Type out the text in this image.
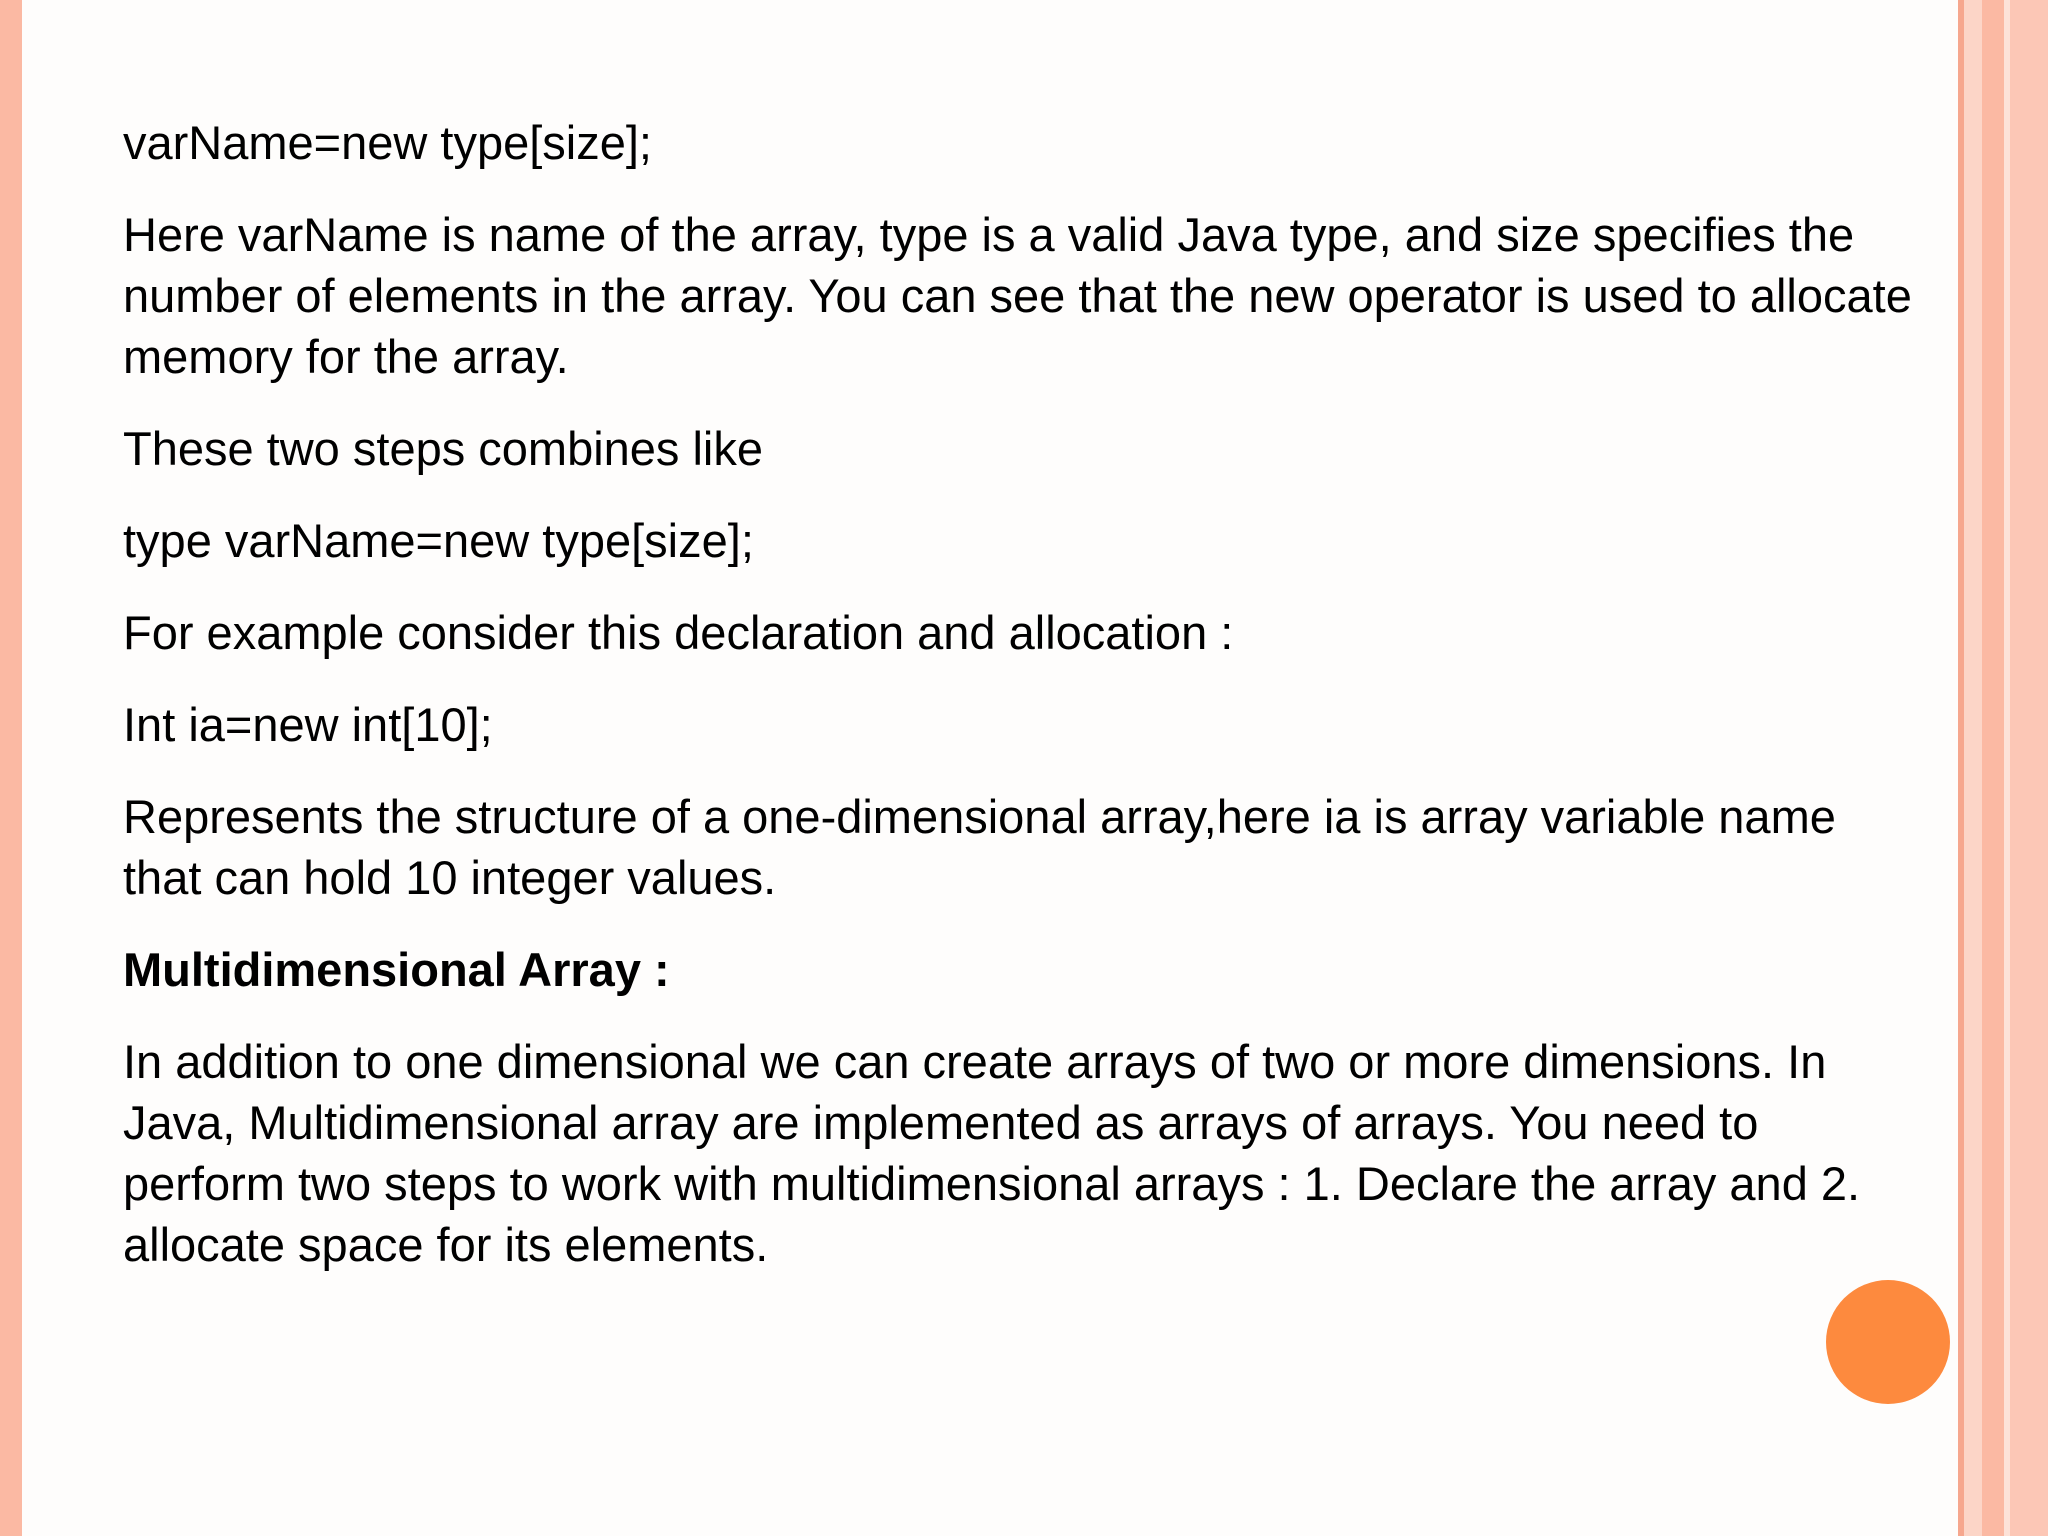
varName=new type[size];

Here varName is name of the array, type is a valid Java type, and size specifies the number of elements in the array. You can see that the new operator is used to allocate memory for the array.

These two steps combines like

type varName=new type[size];

For example consider this declaration and allocation :

Int ia=new int[10];

Represents the structure of a one-dimensional array,here ia is array variable name that can hold 10 integer values.

Multidimensional Array :

In addition to one dimensional we can create arrays of two or more dimensions. In Java, Multidimensional array are implemented as arrays of arrays. You need to perform two steps to work with multidimensional arrays : 1. Declare the array and 2. allocate space for its elements.
